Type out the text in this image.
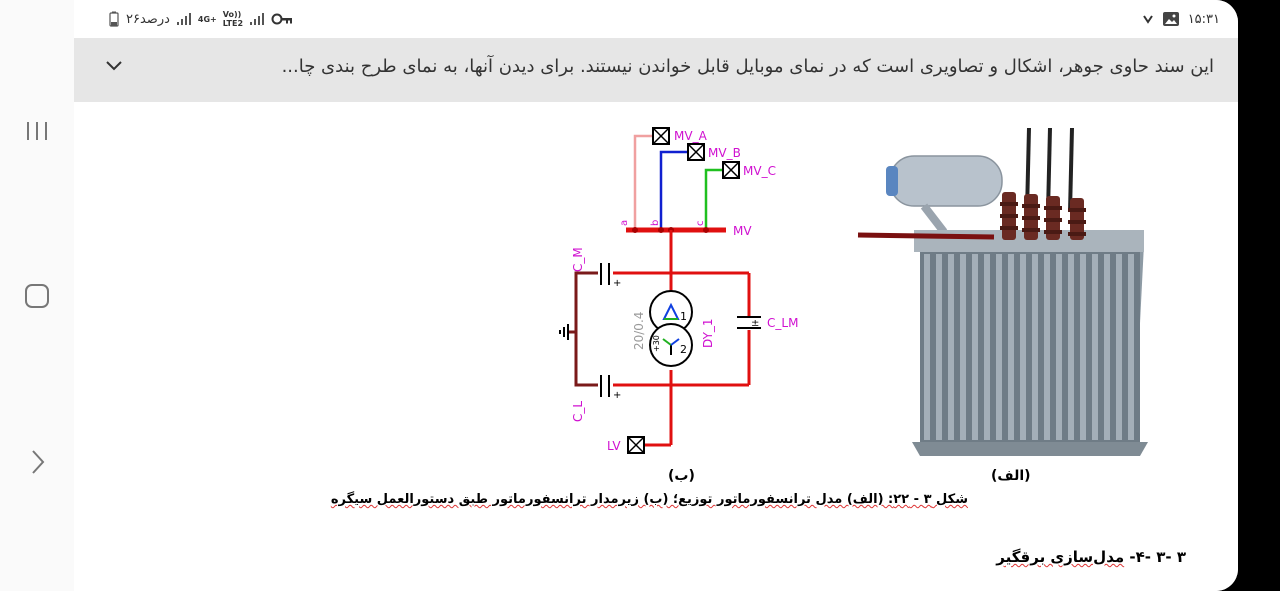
۲۶درصد	4G+ Vo))
LTE2	۱۵:۳۱
این سند حاوی جوهر، اشکال و تصاویری است که در نمای موبایل قابل خواندن نیستند. برای دیدن آنها، به نمای طرح بندی چا...
MV_A
MV_B
MV_C
a b	c
MV
± C_LM
+
C_M
+
C_L
1
2
+30
20/0.4	DY_1
LV
(ب)	(الف)
شکل ۳ - ۲۲: (الف) مدل ترانسفورماتور توزیع؛ (ب) زیرمدار ترانسفورماتور طبق دستورالعمل سیگره
۳ -۳ -۴- مدل‌سازی برقگیر
